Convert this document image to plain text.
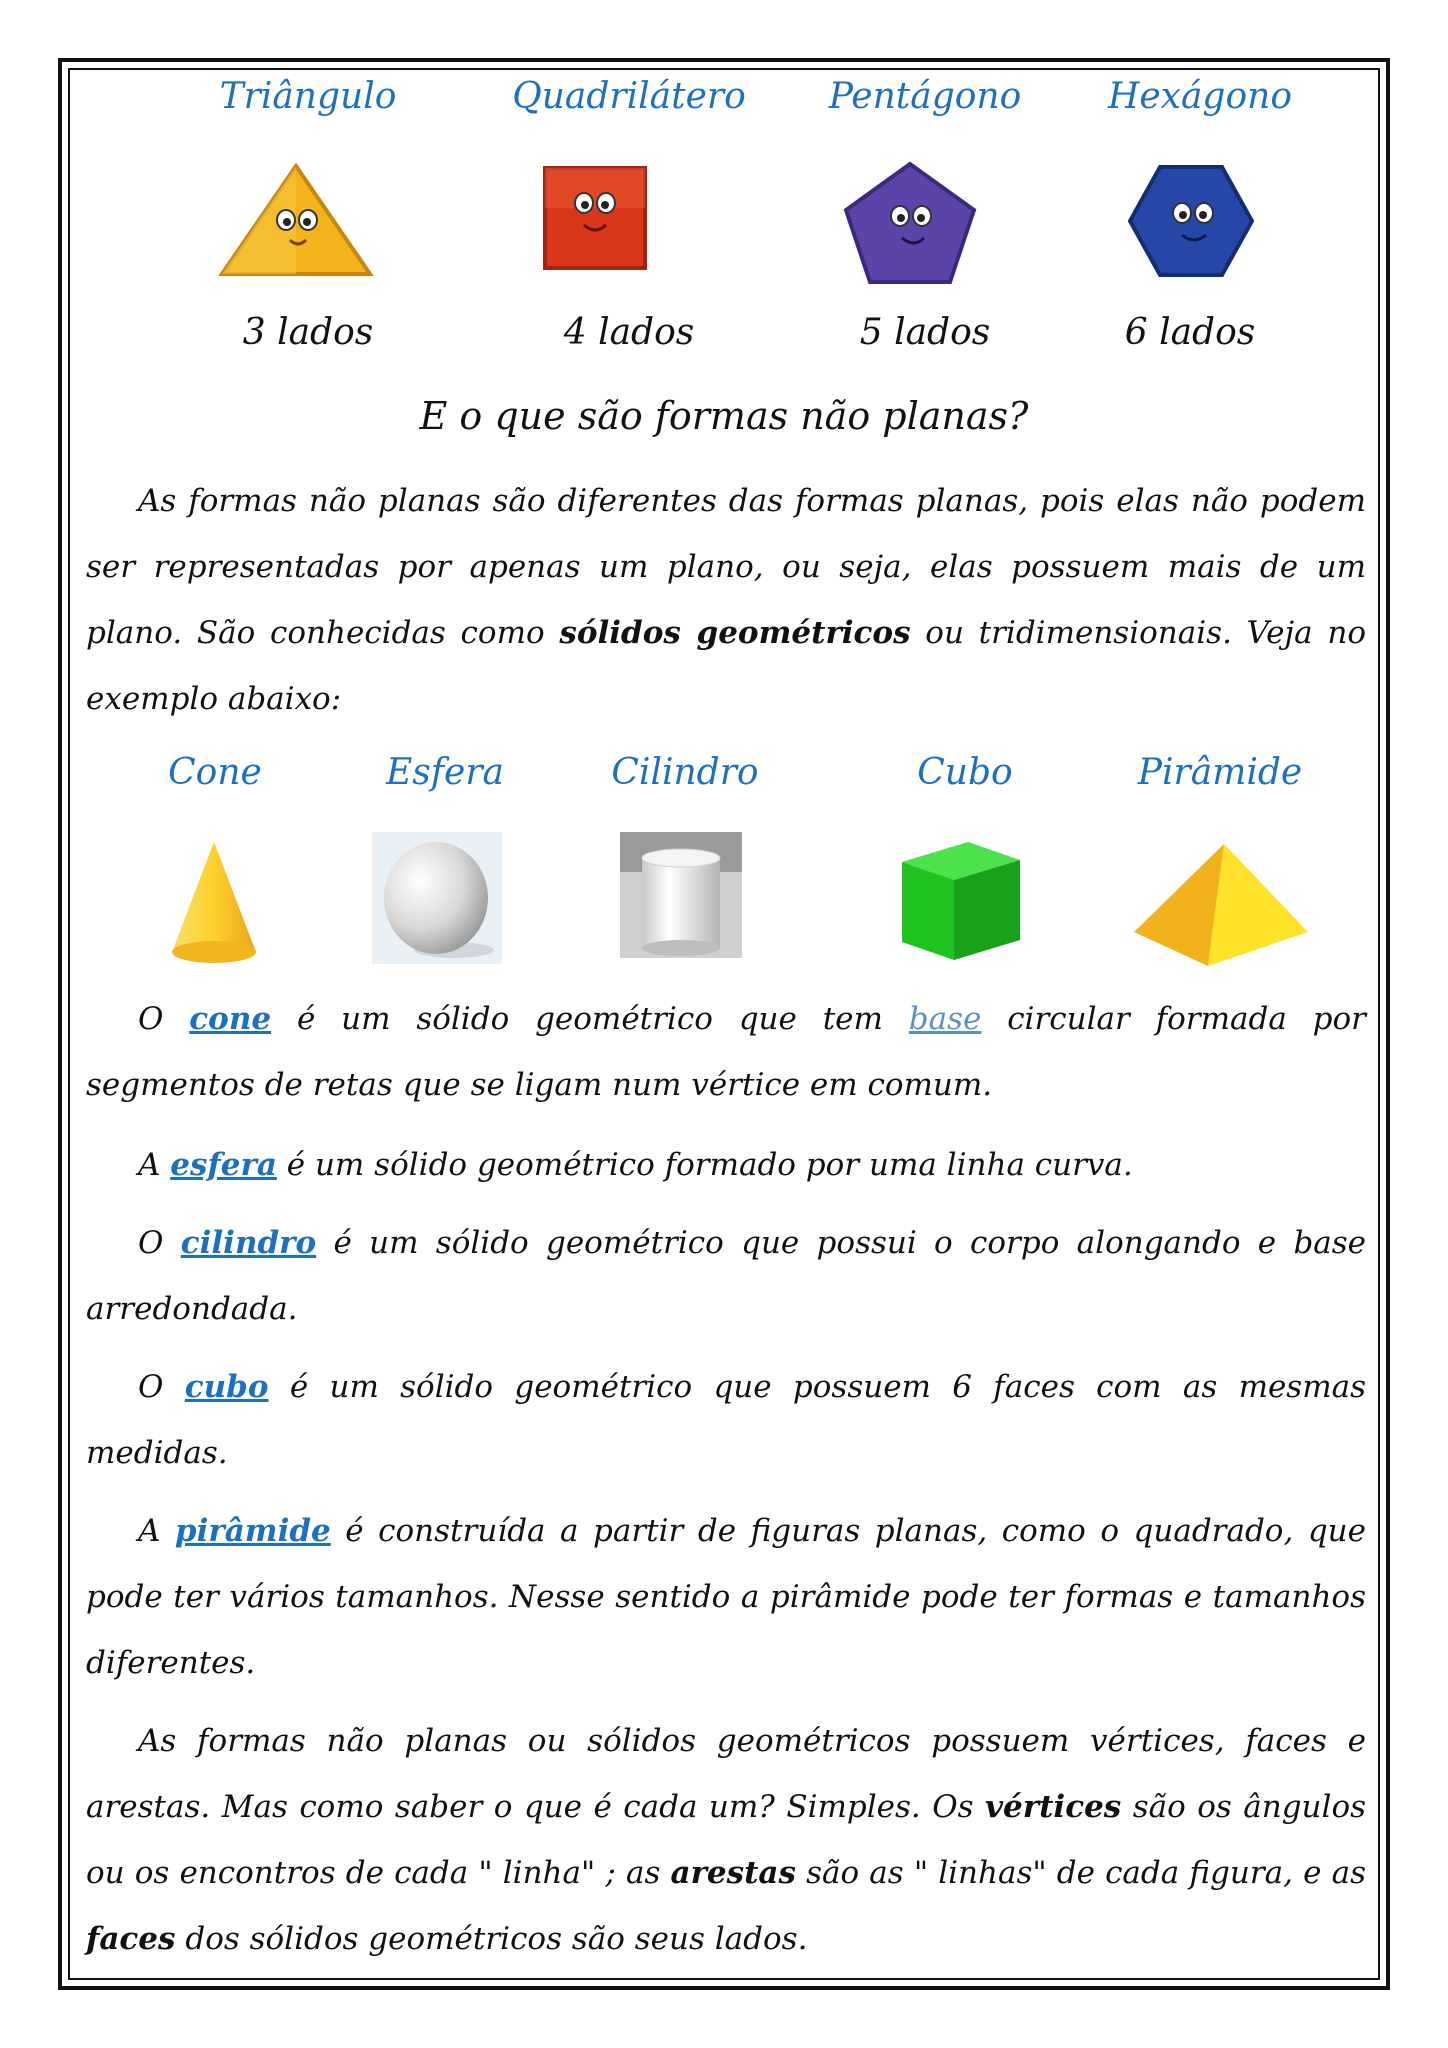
Triângulo	Quadrilátero	Pentágono	Hexágono
3 lados	4 lados	5 lados	6 lados
E o que são formas não planas?
As formas não planas são diferentes das formas planas, pois elas não podem ser representadas por apenas um plano, ou seja, elas possuem mais de um plano. São conhecidas como sólidos geométricos ou tridimensionais. Veja no exemplo abaixo:
Cone	Esfera	Cilindro	Cubo	Pirâmide
O cone é um sólido geométrico que tem base circular formada por segmentos de retas que se ligam num vértice em comum.
A esfera é um sólido geométrico formado por uma linha curva.
O cilindro é um sólido geométrico que possui o corpo alongando e base arredondada.
O cubo é um sólido geométrico que possuem 6 faces com as mesmas medidas.
A pirâmide é construída a partir de figuras planas, como o quadrado, que pode ter vários tamanhos. Nesse sentido a pirâmide pode ter formas e tamanhos diferentes.
As formas não planas ou sólidos geométricos possuem vértices, faces e arestas. Mas como saber o que é cada um? Simples. Os vértices são os ângulos ou os encontros de cada " linha" ; as arestas são as " linhas" de cada figura, e as faces dos sólidos geométricos são seus lados.
